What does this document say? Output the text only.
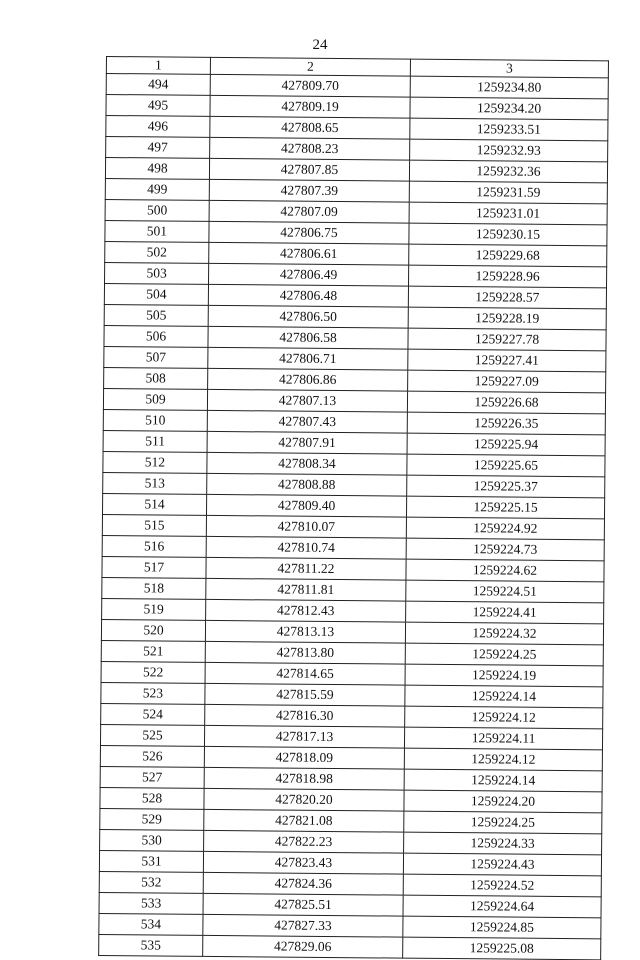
24
1	2	3
494	427809.70	1259234.80
495	427809.19	1259234.20
496	427808.65	1259233.51
497	427808.23	1259232.93
498	427807.85	1259232.36
499	427807.39	1259231.59
500	427807.09	1259231.01
501	427806.75	1259230.15
502	427806.61	1259229.68
503	427806.49	1259228.96
504	427806.48	1259228.57
505	427806.50	1259228.19
506	427806.58	1259227.78
507	427806.71	1259227.41
508	427806.86	1259227.09
509	427807.13	1259226.68
510	427807.43	1259226.35
511	427807.91	1259225.94
512	427808.34	1259225.65
513	427808.88	1259225.37
514	427809.40	1259225.15
515	427810.07	1259224.92
516	427810.74	1259224.73
517	427811.22	1259224.62
518	427811.81	1259224.51
519	427812.43	1259224.41
520	427813.13	1259224.32
521	427813.80	1259224.25
522	427814.65	1259224.19
523	427815.59	1259224.14
524	427816.30	1259224.12
525	427817.13	1259224.11
526	427818.09	1259224.12
527	427818.98	1259224.14
528	427820.20	1259224.20
529	427821.08	1259224.25
530	427822.23	1259224.33
531	427823.43	1259224.43
532	427824.36	1259224.52
533	427825.51	1259224.64
534	427827.33	1259224.85
535	427829.06	1259225.08
